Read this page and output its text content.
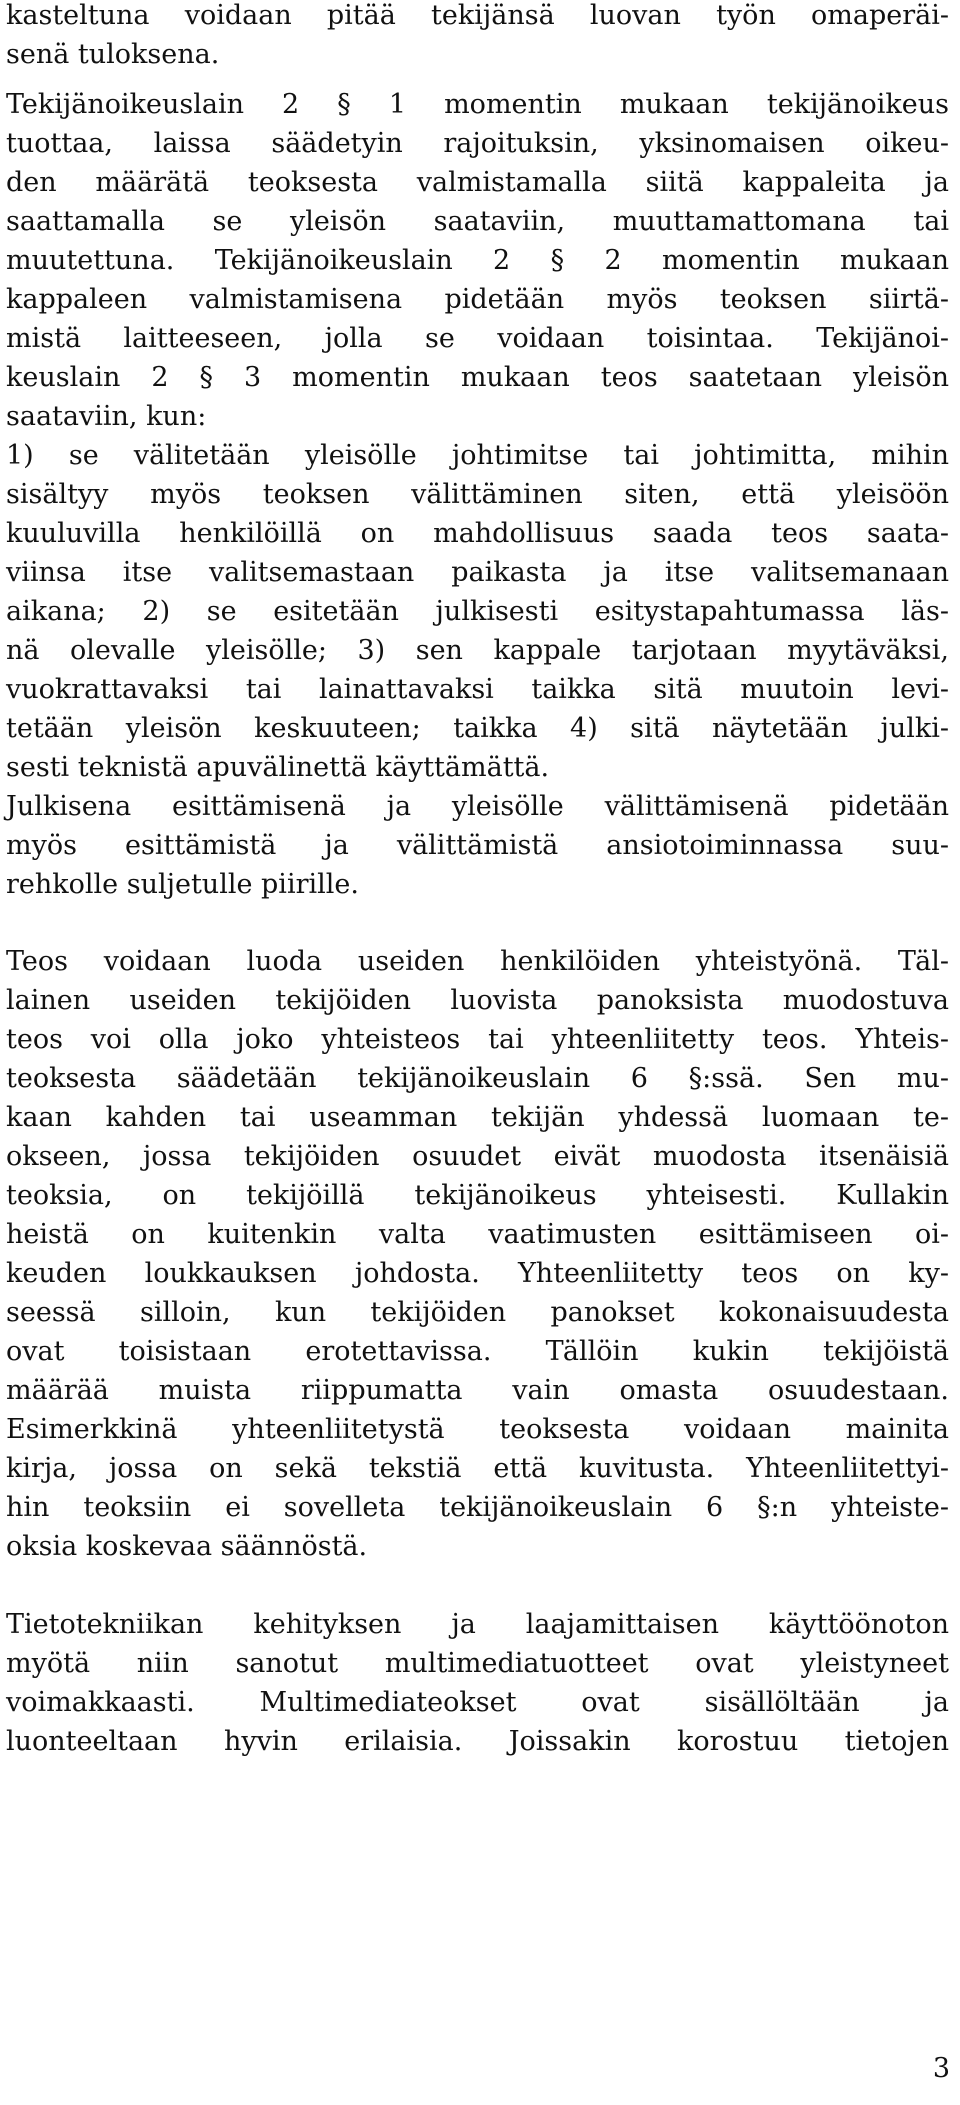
kasteltuna voidaan pitää tekijänsä luovan työn omaperäi-
senä tuloksena.
Tekijänoikeuslain 2 § 1 momentin mukaan tekijänoikeus
tuottaa, laissa säädetyin rajoituksin, yksinomaisen oikeu-
den määrätä teoksesta valmistamalla siitä kappaleita ja
saattamalla se yleisön saataviin, muuttamattomana tai
muutettuna. Tekijänoikeuslain 2 § 2 momentin mukaan
kappaleen valmistamisena pidetään myös teoksen siirtä-
mistä laitteeseen, jolla se voidaan toisintaa. Tekijänoi-
keuslain 2 § 3 momentin mukaan teos saatetaan yleisön
saataviin, kun:
1) se välitetään yleisölle johtimitse tai johtimitta, mihin
sisältyy myös teoksen välittäminen siten, että yleisöön
kuuluvilla henkilöillä on mahdollisuus saada teos saata-
viinsa itse valitsemastaan paikasta ja itse valitsemanaan
aikana; 2) se esitetään julkisesti esitystapahtumassa läs-
nä olevalle yleisölle; 3) sen kappale tarjotaan myytäväksi,
vuokrattavaksi tai lainattavaksi taikka sitä muutoin levi-
tetään yleisön keskuuteen; taikka 4) sitä näytetään julki-
sesti teknistä apuvälinettä käyttämättä.
Julkisena esittämisenä ja yleisölle välittämisenä pidetään
myös esittämistä ja välittämistä ansiotoiminnassa suu-
rehkolle suljetulle piirille.
Teos voidaan luoda useiden henkilöiden yhteistyönä. Täl-
lainen useiden tekijöiden luovista panoksista muodostuva
teos voi olla joko yhteisteos tai yhteenliitetty teos. Yhteis-
teoksesta säädetään tekijänoikeuslain 6 §:ssä. Sen mu-
kaan kahden tai useamman tekijän yhdessä luomaan te-
okseen, jossa tekijöiden osuudet eivät muodosta itsenäisiä
teoksia, on tekijöillä tekijänoikeus yhteisesti. Kullakin
heistä on kuitenkin valta vaatimusten esittämiseen oi-
keuden loukkauksen johdosta. Yhteenliitetty teos on ky-
seessä silloin, kun tekijöiden panokset kokonaisuudesta
ovat toisistaan erotettavissa. Tällöin kukin tekijöistä
määrää muista riippumatta vain omasta osuudestaan.
Esimerkkinä yhteenliitetystä teoksesta voidaan mainita
kirja, jossa on sekä tekstiä että kuvitusta. Yhteenliitettyi-
hin teoksiin ei sovelleta tekijänoikeuslain 6 §:n yhteiste-
oksia koskevaa säännöstä.
Tietotekniikan kehityksen ja laajamittaisen käyttöönoton
myötä niin sanotut multimediatuotteet ovat yleistyneet
voimakkaasti. Multimediateokset ovat sisällöltään ja
luonteeltaan hyvin erilaisia. Joissakin korostuu tietojen
3
